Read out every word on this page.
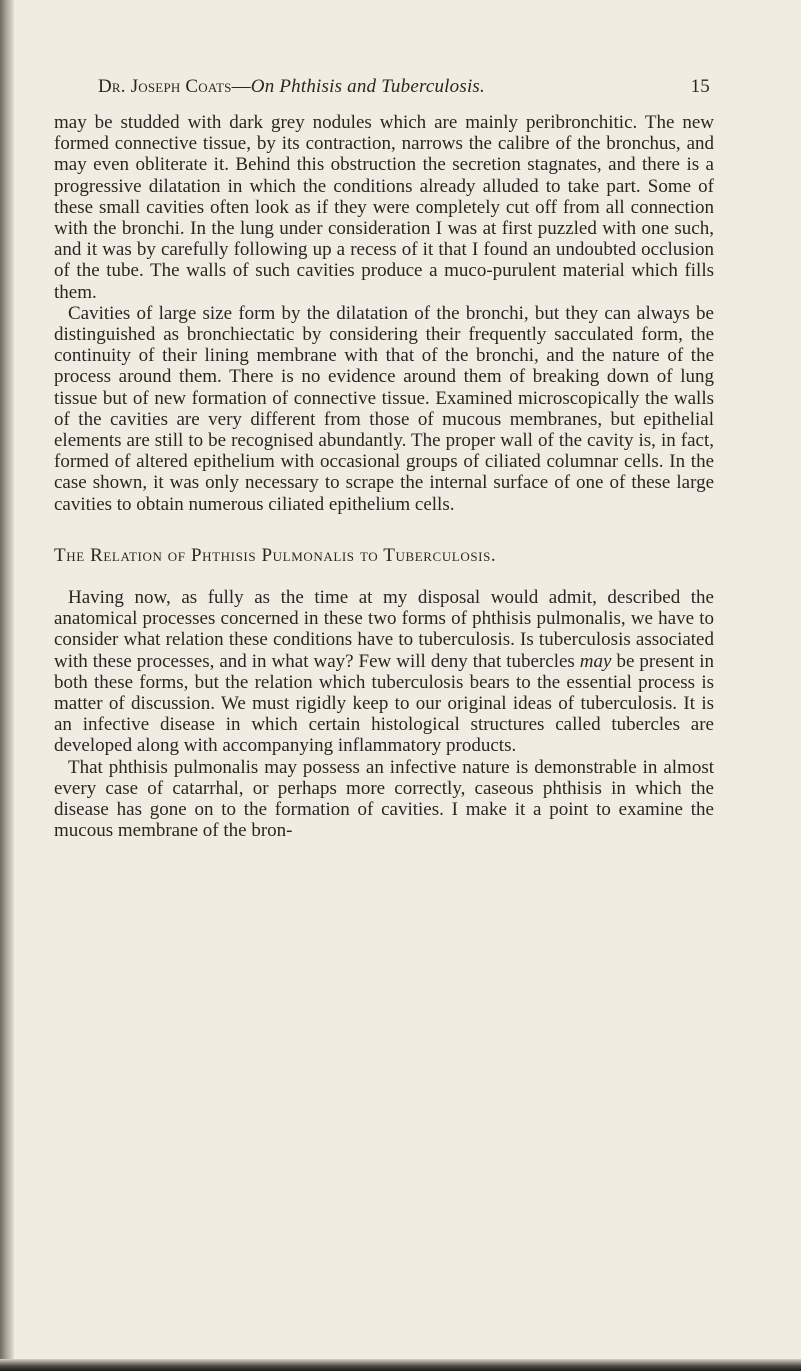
Dr. Joseph Coats—On Phthisis and Tuberculosis.	15

may be studded with dark grey nodules which are mainly peribronchitic. The new formed connective tissue, by its contraction, narrows the calibre of the bronchus, and may even obliterate it. Behind this obstruction the secretion stagnates, and there is a progressive dilatation in which the conditions already alluded to take part. Some of these small cavities often look as if they were completely cut off from all connection with the bronchi. In the lung under consideration I was at first puzzled with one such, and it was by carefully following up a recess of it that I found an undoubted occlusion of the tube. The walls of such cavities produce a muco-purulent material which fills them.

Cavities of large size form by the dilatation of the bronchi, but they can always be distinguished as bronchiectatic by considering their frequently sacculated form, the continuity of their lining membrane with that of the bronchi, and the nature of the process around them. There is no evidence around them of breaking down of lung tissue but of new formation of connective tissue. Examined microscopically the walls of the cavities are very different from those of mucous membranes, but epithelial elements are still to be recognised abundantly. The proper wall of the cavity is, in fact, formed of altered epithelium with occasional groups of ciliated columnar cells. In the case shown, it was only necessary to scrape the internal surface of one of these large cavities to obtain numerous ciliated epithelium cells.

The Relation of Phthisis Pulmonalis to Tuberculosis.

Having now, as fully as the time at my disposal would admit, described the anatomical processes concerned in these two forms of phthisis pulmonalis, we have to consider what relation these conditions have to tuberculosis. Is tuberculosis associated with these processes, and in what way? Few will deny that tubercles may be present in both these forms, but the relation which tuberculosis bears to the essential process is matter of discussion. We must rigidly keep to our original ideas of tuberculosis. It is an infective disease in which certain histological structures called tubercles are developed along with accompanying inflammatory products.

That phthisis pulmonalis may possess an infective nature is demonstrable in almost every case of catarrhal, or perhaps more correctly, caseous phthisis in which the disease has gone on to the formation of cavities. I make it a point to examine the mucous membrane of the bron-
